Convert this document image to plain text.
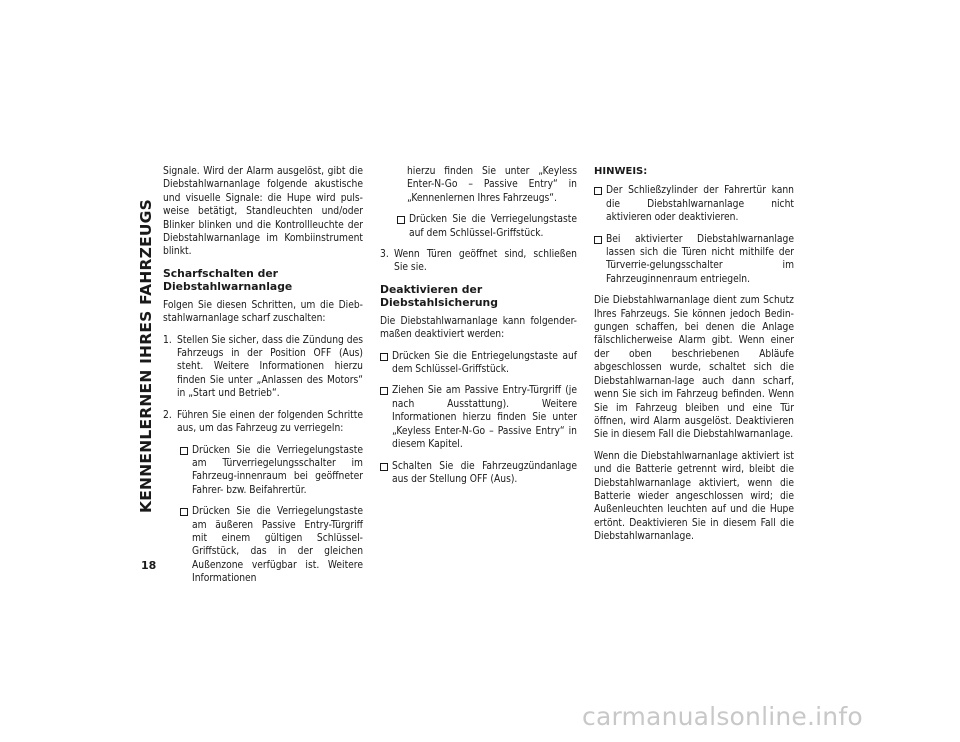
KENNENLERNEN IHRES FAHRZEUGS
18

Signale. Wird der Alarm ausgelöst, gibt die Diebstahlwarnanlage folgende akustische und visuelle Signale: die Hupe wird puls-weise betätigt, Standleuchten und/oder Blinker blinken und die Kontrollleuchte der Diebstahlwarnanlage im Kombiinstrument blinkt.

Scharfschalten der Diebstahlwarnanlage

Folgen Sie diesen Schritten, um die Dieb-stahlwarnanlage scharf zuschalten:

1. Stellen Sie sicher, dass die Zündung des Fahrzeugs in der Position OFF (Aus) steht. Weitere Informationen hierzu finden Sie unter „Anlassen des Motors“ in „Start und Betrieb“.
2. Führen Sie einen der folgenden Schritte aus, um das Fahrzeug zu verriegeln:
Drücken Sie die Verriegelungstaste am Türverriegelungsschalter im Fahrzeug-innenraum bei geöffneter Fahrer- bzw. Beifahrertür.
Drücken Sie die Verriegelungstaste am äußeren Passive Entry-Türgriff mit einem gültigen Schlüssel-Griffstück, das in der gleichen Außenzone verfügbar ist. Weitere Informationen
hierzu finden Sie unter „Keyless Enter-N-Go – Passive Entry“ in „Kennenlernen Ihres Fahrzeugs“.
Drücken Sie die Verriegelungstaste auf dem Schlüssel-Griffstück.
3. Wenn Türen geöffnet sind, schließen Sie sie.
Deaktivieren der Diebstahlsicherung

Die Diebstahlwarnanlage kann folgender-maßen deaktiviert werden:

Drücken Sie die Entriegelungstaste auf dem Schlüssel-Griffstück.
Ziehen Sie am Passive Entry-Türgriff (je nach Ausstattung). Weitere Informationen hierzu finden Sie unter „Keyless Enter-N-Go – Passive Entry“ in diesem Kapitel.
Schalten Sie die Fahrzeugzündanlage aus der Stellung OFF (Aus).
HINWEIS:
Der Schließzylinder der Fahrertür kann die Diebstahlwarnanlage nicht aktivieren oder deaktivieren.
Bei aktivierter Diebstahlwarnanlage lassen sich die Türen nicht mithilfe der Türverrie-gelungsschalter im Fahrzeuginnenraum entriegeln.

Die Diebstahlwarnanlage dient zum Schutz Ihres Fahrzeugs. Sie können jedoch Bedin-gungen schaffen, bei denen die Anlage fälschlicherweise Alarm gibt. Wenn einer der oben beschriebenen Abläufe abgeschlossen wurde, schaltet sich die Diebstahlwarnan-lage auch dann scharf, wenn Sie sich im Fahrzeug befinden. Wenn Sie im Fahrzeug bleiben und eine Tür öffnen, wird Alarm ausgelöst. Deaktivieren Sie in diesem Fall die Diebstahlwarnanlage.

Wenn die Diebstahlwarnanlage aktiviert ist und die Batterie getrennt wird, bleibt die Diebstahlwarnanlage aktiviert, wenn die Batterie wieder angeschlossen wird; die Außenleuchten leuchten auf und die Hupe ertönt. Deaktivieren Sie in diesem Fall die Diebstahlwarnanlage.

carmanualsonline.info
